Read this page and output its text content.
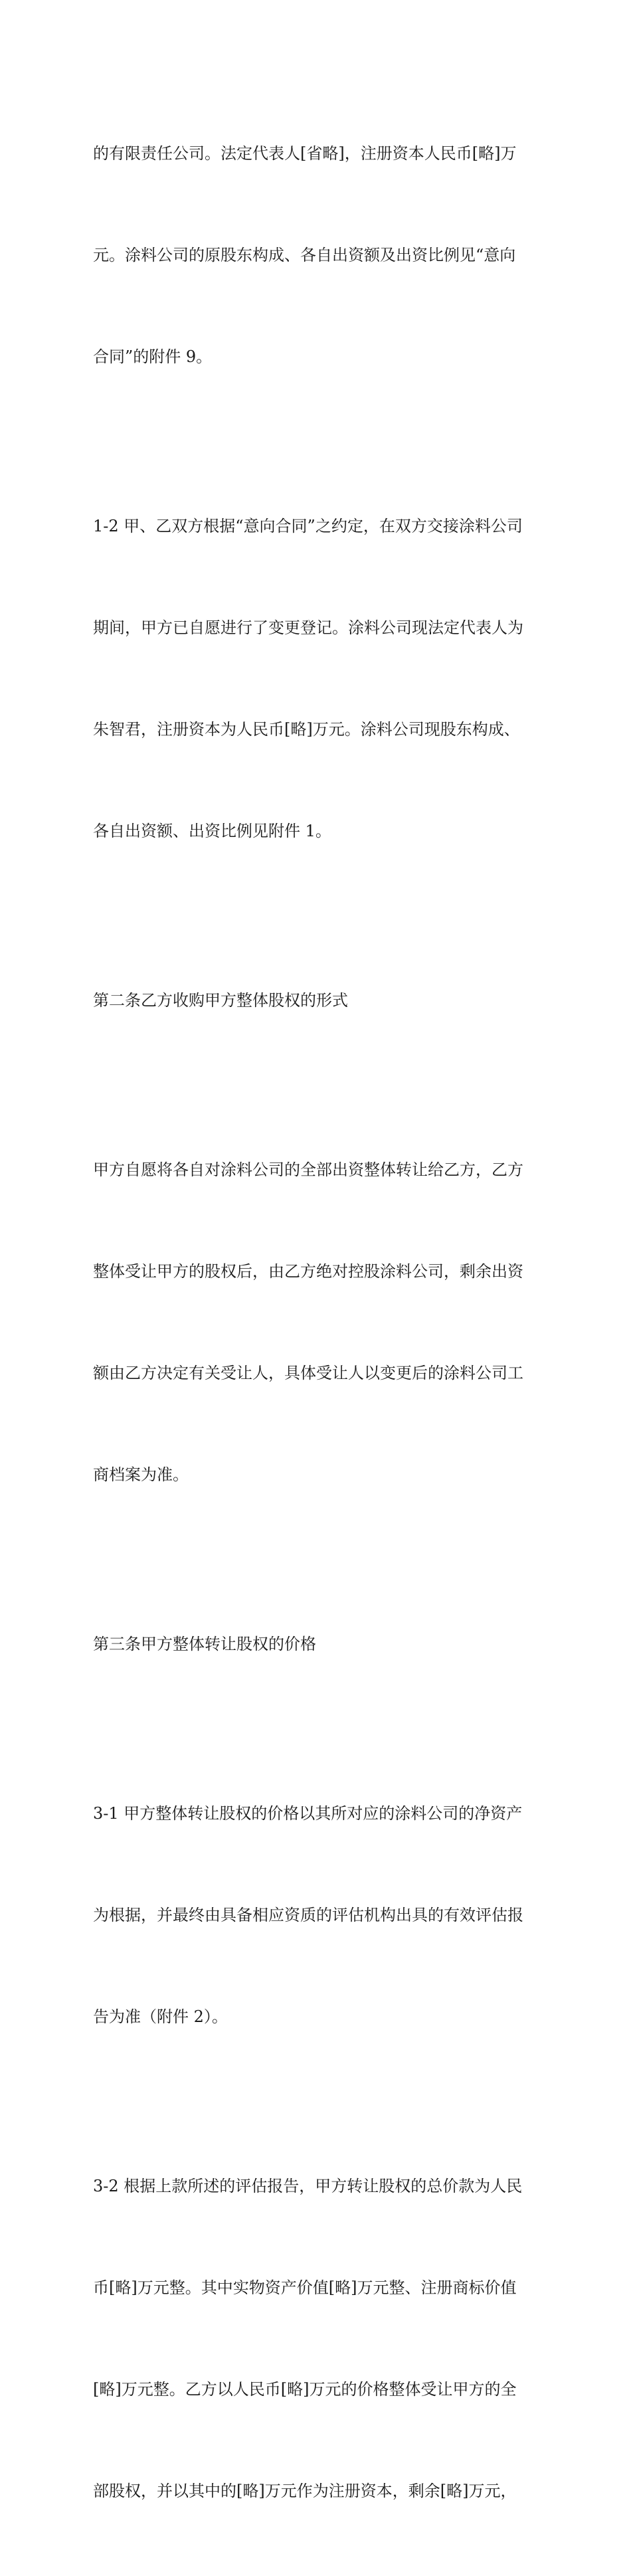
的有限责任公司。法定代表人[省略]，注册资本人民币[略]万

元。涂料公司的原股东构成、各自出资额及出资比例见“意向

合同”的附件 9。

1-2 甲、乙双方根据“意向合同”之约定，在双方交接涂料公司

期间，甲方已自愿进行了变更登记。涂料公司现法定代表人为

朱智君，注册资本为人民币[略]万元。涂料公司现股东构成、

各自出资额、出资比例见附件 1。

第二条乙方收购甲方整体股权的形式

甲方自愿将各自对涂料公司的全部出资整体转让给乙方，乙方

整体受让甲方的股权后，由乙方绝对控股涂料公司，剩余出资

额由乙方决定有关受让人，具体受让人以变更后的涂料公司工

商档案为准。

第三条甲方整体转让股权的价格

3-1 甲方整体转让股权的价格以其所对应的涂料公司的净资产

为根据，并最终由具备相应资质的评估机构出具的有效评估报

告为准（附件 2）。

3-2 根据上款所述的评估报告，甲方转让股权的总价款为人民

币[略]万元整。其中实物资产价值[略]万元整、注册商标价值

[略]万元整。乙方以人民币[略]万元的价格整体受让甲方的全

部股权，并以其中的[略]万元作为注册资本，剩余[略]万元，
